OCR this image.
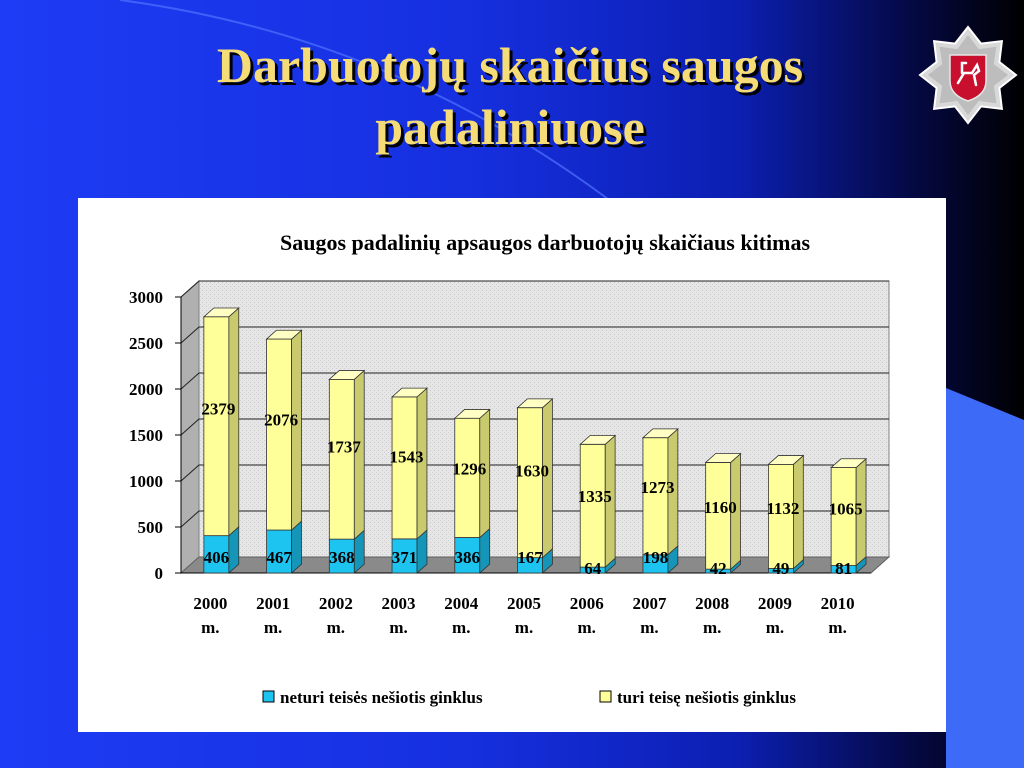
Darbuotojų skaičius saugos padaliniuose
Saugos padalinių apsaugos darbuotojų skaičiaus kitimas
0
500
1000
1500
2000
2500
3000
2379
406
2000
m.
2076
467
2001
m.
1737
368
2002
m.
1543
371
2003
m.
1296
386
2004
m.
1630
167
2005
m.
1335
64
2006
m.
1273
198
2007
m.
1160
42
2008
m.
1132
49
2009
m.
1065
81
2010
m.
neturi teisės nešiotis ginklus	turi teisę nešiotis ginklus
